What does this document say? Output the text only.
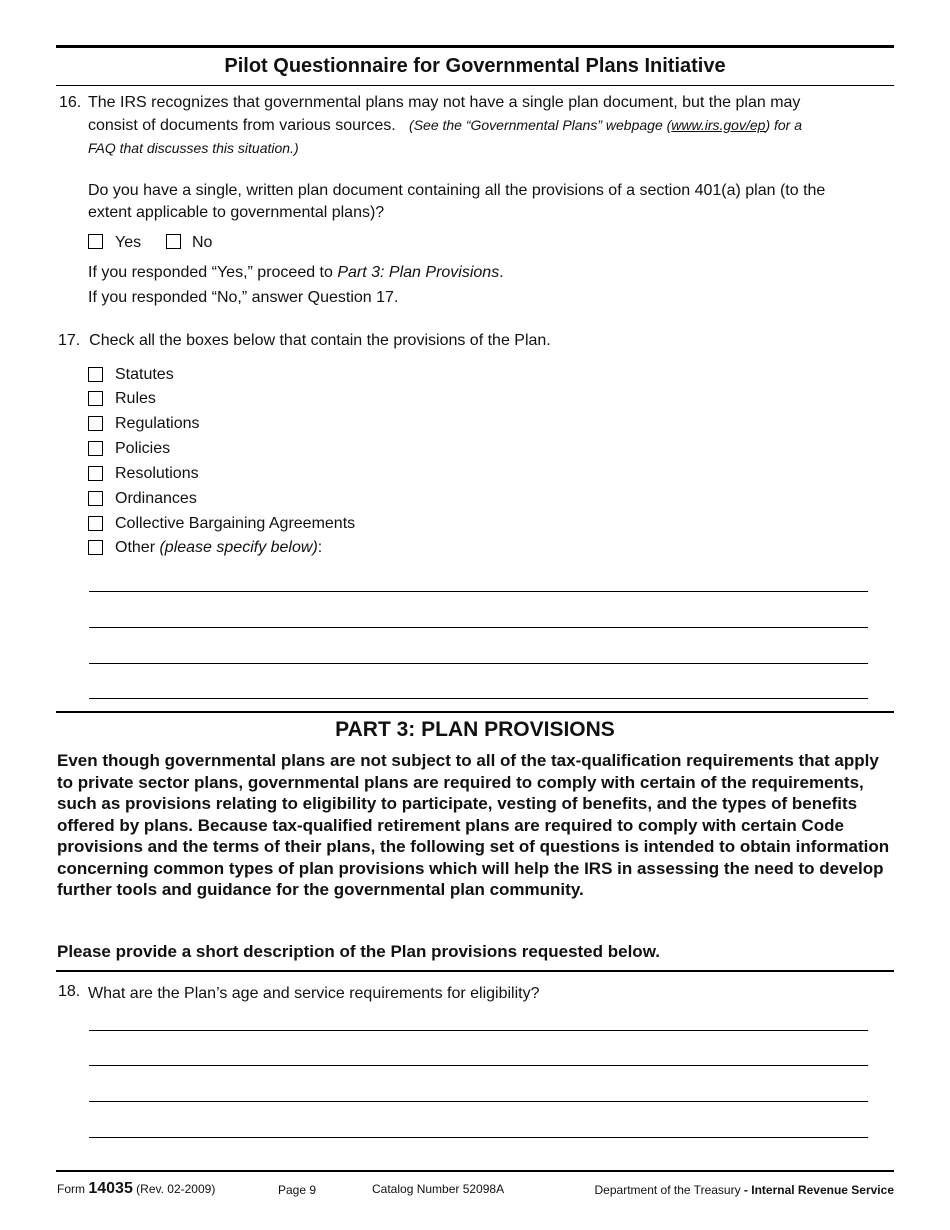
Pilot Questionnaire for Governmental Plans Initiative
16. The IRS recognizes that governmental plans may not have a single plan document, but the plan may
consist of documents from various sources. (See the “Governmental Plans” webpage (www.irs.gov/ep) for a
FAQ that discusses this situation.)
Do you have a single, written plan document containing all the provisions of a section 401(a) plan (to the
extent applicable to governmental plans)?
Yes	No
If you responded “Yes,” proceed to Part 3: Plan Provisions.
If you responded “No,” answer Question 17.
17. Check all the boxes below that contain the provisions of the Plan.
Statutes
Rules
Regulations
Policies
Resolutions
Ordinances
Collective Bargaining Agreements
Other (please specify below):
PART 3: PLAN PROVISIONS
Even though governmental plans are not subject to all of the tax-qualification requirements that apply to private sector plans, governmental plans are required to comply with certain of the requirements, such as provisions relating to eligibility to participate, vesting of benefits, and the types of benefits offered by plans. Because tax-qualified retirement plans are required to comply with certain Code provisions and the terms of their plans, the following set of questions is intended to obtain information concerning common types of plan provisions which will help the IRS in assessing the need to develop further tools and guidance for the governmental plan community.
Please provide a short description of the Plan provisions requested below.
18. What are the Plan’s age and service requirements for eligibility?
Form 14035 (Rev. 02-2009)	Page 9	Catalog Number 52098A	Department of the Treasury - Internal Revenue Service
